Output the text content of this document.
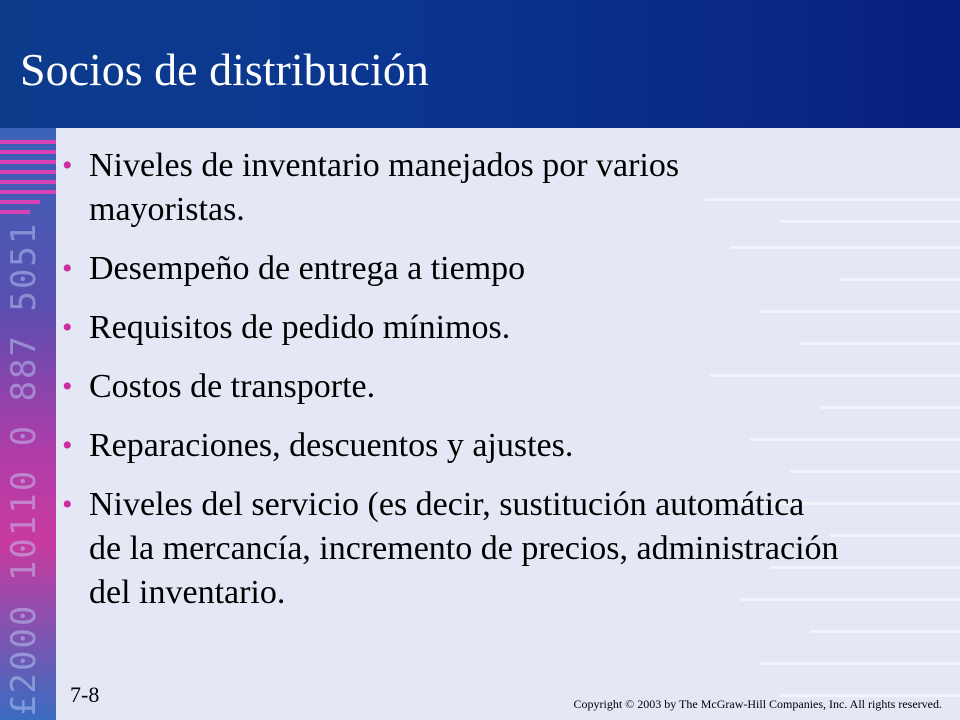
Socios de distribución
£2000 10110 0 887 5051
• Niveles de inventario manejados por varios mayoristas.
• Desempeño de entrega a tiempo
• Requisitos de pedido mínimos.
• Costos de transporte.
• Reparaciones, descuentos y ajustes.
• Niveles del servicio (es decir, sustitución automática de la mercancía, incremento de precios, administración del inventario.
7-8	Copyright © 2003 by The McGraw-Hill Companies, Inc. All rights reserved.
